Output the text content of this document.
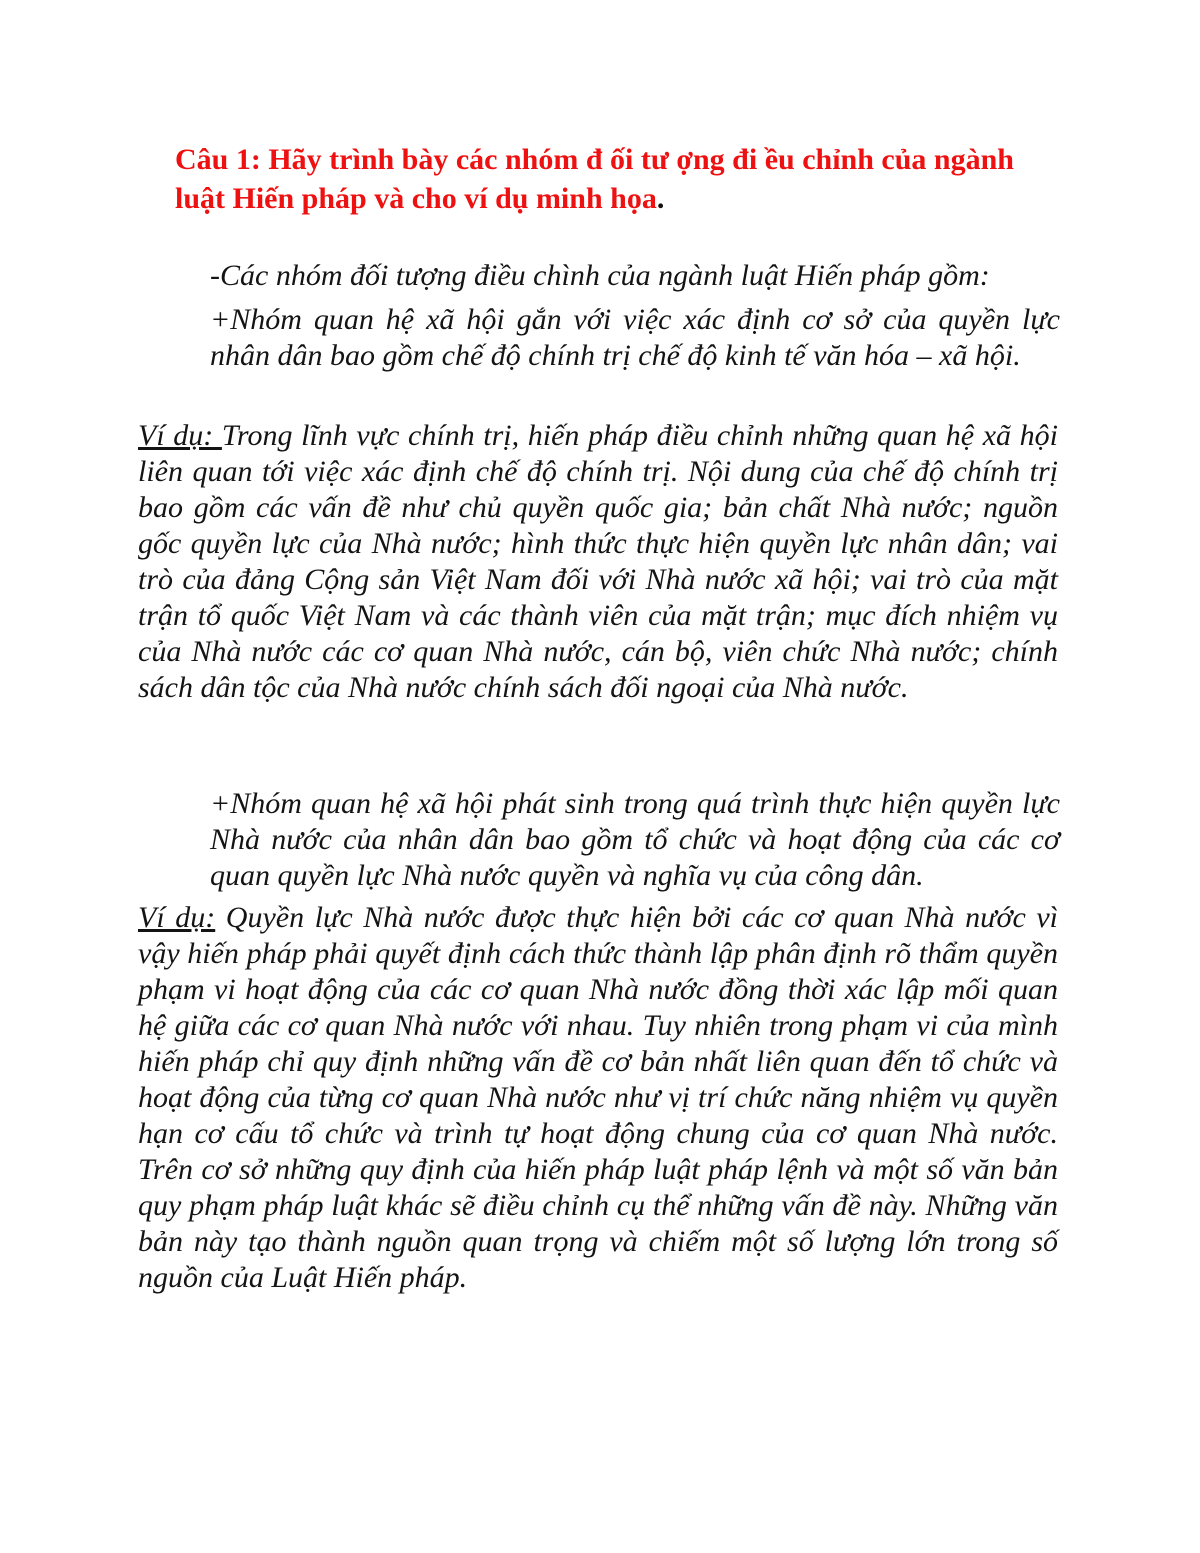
Câu 1: Hãy trình bày các nhóm đ ối tư ợng đi ều chỉnh của ngành luật Hiến pháp và cho ví dụ minh họa.

-Các nhóm đối tượng điều chình của ngành luật Hiến pháp gồm:

+Nhóm quan hệ xã hội gắn với việc xác định cơ sở của quyền lực nhân dân bao gồm chế độ chính trị chế độ kinh tế văn hóa – xã hội.

Ví dụ: Trong lĩnh vực chính trị, hiến pháp điều chỉnh những quan hệ xã hội liên quan tới việc xác định chế độ chính trị. Nội dung của chế độ chính trị bao gồm các vấn đề như chủ quyền quốc gia; bản chất Nhà nước; nguồn gốc quyền lực của Nhà nước; hình thức thực hiện quyền lực nhân dân; vai trò của đảng Cộng sản Việt Nam đối với Nhà nước xã hội; vai trò của mặt trận tổ quốc Việt Nam và các thành viên của mặt trận; mục đích nhiệm vụ của Nhà nước các cơ quan Nhà nước, cán bộ, viên chức Nhà nước; chính sách dân tộc của Nhà nước chính sách đối ngoại của Nhà nước.

+Nhóm quan hệ xã hội phát sinh trong quá trình thực hiện quyền lực Nhà nước của nhân dân bao gồm tổ chức và hoạt động của các cơ quan quyền lực Nhà nước quyền và nghĩa vụ của công dân.

Ví dụ: Quyền lực Nhà nước được thực hiện bởi các cơ quan Nhà nước vì vậy hiến pháp phải quyết định cách thức thành lập phân định rõ thẩm quyền phạm vi hoạt động của các cơ quan Nhà nước đồng thời xác lập mối quan hệ giữa các cơ quan Nhà nước với nhau. Tuy nhiên trong phạm vi của mình hiến pháp chỉ quy định những vấn đề cơ bản nhất liên quan đến tổ chức và hoạt động của từng cơ quan Nhà nước như vị trí chức năng nhiệm vụ quyền hạn cơ cấu tổ chức và trình tự hoạt động chung của cơ quan Nhà nước. Trên cơ sở những quy định của hiến pháp luật pháp lệnh và một số văn bản quy phạm pháp luật khác sẽ điều chỉnh cụ thể những vấn đề này. Những văn bản này tạo thành nguồn quan trọng và chiếm một số lượng lớn trong số nguồn của Luật Hiến pháp.
